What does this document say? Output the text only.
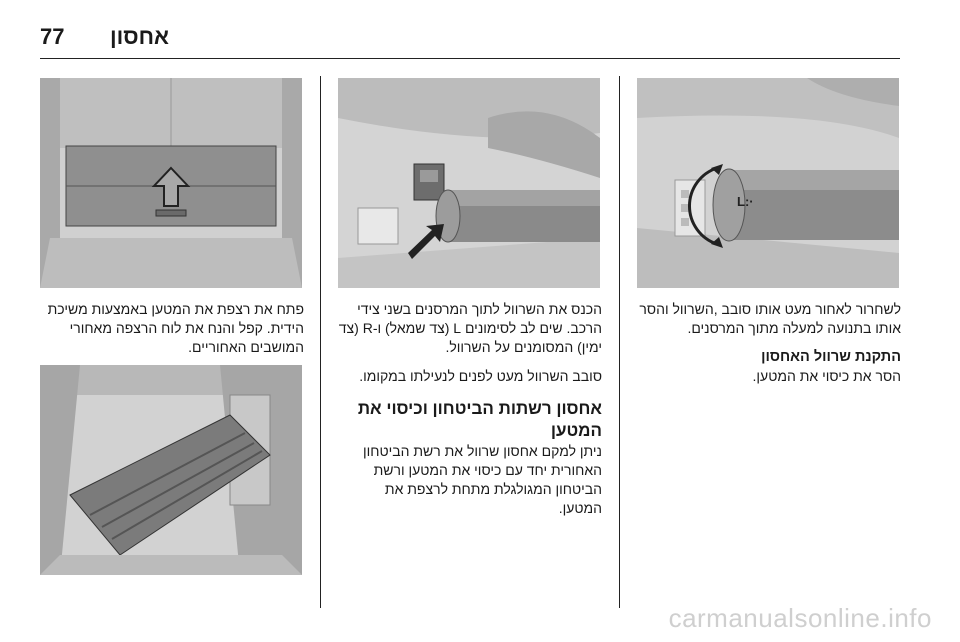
77 אחסון
L:·

לשחרור לאחור מעט אותו סובב ,השרוול והסר אותו בתנועה למעלה מתוך המרסנים.

התקנת שרוול האחסון

הסר את כיסוי את המטען.

הכנס את השרוול לתוך המרסנים בשני צידי הרכב. שים לב לסימונים L (צד שמאל) ו-R (צד ימין) המסומנים על השרוול.

סובב השרוול מעט לפנים לנעילתו במקומו.

אחסון רשתות הביטחון וכיסוי את המטען

ניתן למקם אחסון שרוול את רשת הביטחון האחורית יחד עם כיסוי את המטען ורשת הביטחון המגולגלת מתחת לרצפת את המטען.

פתח את רצפת את המטען באמצעות משיכת הידית. קפל והנח את לוח הרצפה מאחורי המושבים האחוריים.

carmanualsonline.info
